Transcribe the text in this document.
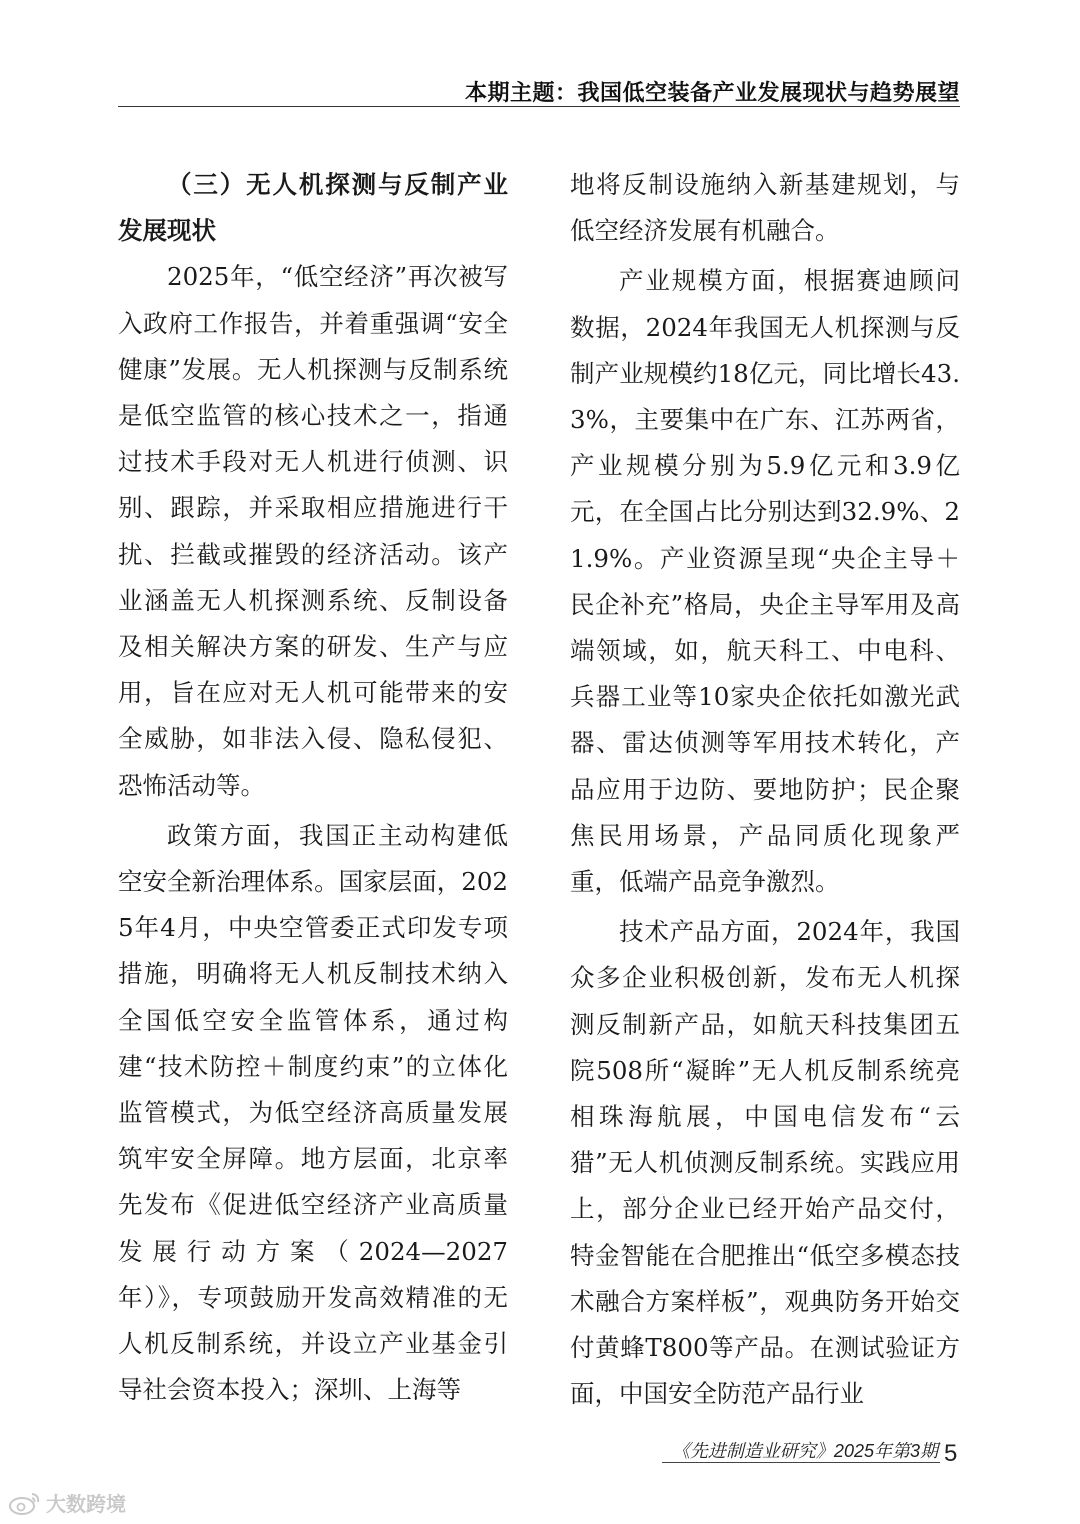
本期主题：我国低空装备产业发展现状与趋势展望

（三）无人机探测与反制产业发展现状

2025年，“低空经济”再次被写入政府工作报告，并着重强调“安全健康”发展。无人机探测与反制系统是低空监管的核心技术之一，指通过技术手段对无人机进行侦测、识别、跟踪，并采取相应措施进行干扰、拦截或摧毁的经济活动。该产业涵盖无人机探测系统、反制设备及相关解决方案的研发、生产与应用，旨在应对无人机可能带来的安全威胁，如非法入侵、隐私侵犯、恐怖活动等。

政策方面，我国正主动构建低空安全新治理体系。国家层面，2025年4月，中央空管委正式印发专项措施，明确将无人机反制技术纳入全国低空安全监管体系，通过构建“技术防控＋制度约束”的立体化监管模式，为低空经济高质量发展筑牢安全屏障。地方层面，北京率先发布《促进低空经济产业高质量发展行动方案（2024—2027年）》，专项鼓励开发高效精准的无人机反制系统，并设立产业基金引导社会资本投入；深圳、上海等

地将反制设施纳入新基建规划，与低空经济发展有机融合。

产业规模方面，根据赛迪顾问数据，2024年我国无人机探测与反制产业规模约18亿元，同比增长43.3%，主要集中在广东、江苏两省，产业规模分别为5.9亿元和3.9亿元，在全国占比分别达到32.9%、21.9%。产业资源呈现“央企主导＋民企补充”格局，央企主导军用及高端领域，如，航天科工、中电科、兵器工业等10家央企依托如激光武器、雷达侦测等军用技术转化，产品应用于边防、要地防护；民企聚焦民用场景，产品同质化现象严重，低端产品竞争激烈。

技术产品方面，2024年，我国众多企业积极创新，发布无人机探测反制新产品，如航天科技集团五院508所“凝眸”无人机反制系统亮相珠海航展，中国电信发布“云猎”无人机侦测反制系统。实践应用上，部分企业已经开始产品交付，特金智能在合肥推出“低空多模态技术融合方案样板”，观典防务开始交付黄蜂T800等产品。在测试验证方面，中国安全防范产品行业

《先进制造业研究》2025年第3期 5
大数跨境
